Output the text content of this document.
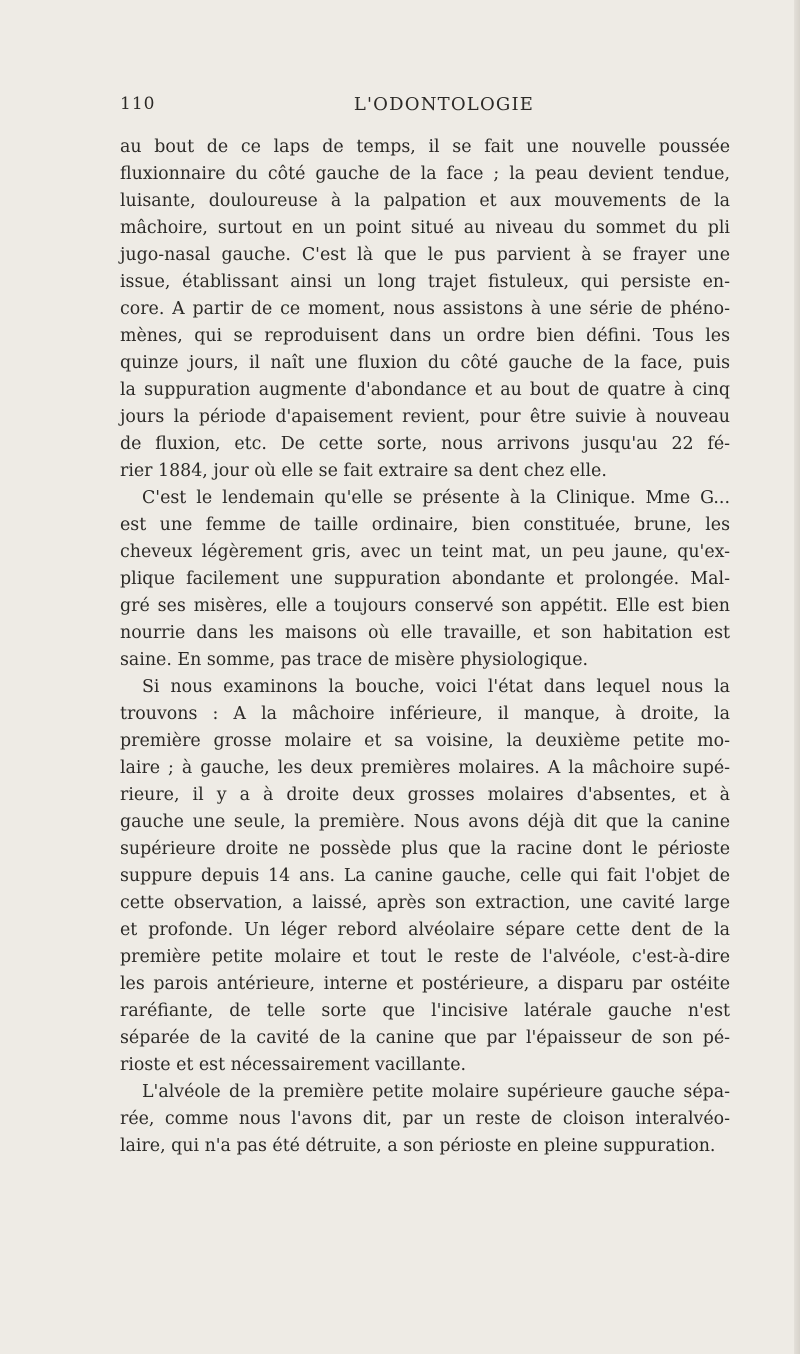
110	L'ODONTOLOGIE
au bout de ce laps de temps, il se fait une nouvelle poussée
fluxionnaire du côté gauche de la face ; la peau devient tendue,
luisante, douloureuse à la palpation et aux mouvements de la
mâchoire, surtout en un point situé au niveau du sommet du pli
jugo-nasal gauche. C'est là que le pus parvient à se frayer une
issue, établissant ainsi un long trajet fistuleux, qui persiste en-
core. A partir de ce moment, nous assistons à une série de phéno-
mènes, qui se reproduisent dans un ordre bien défini. Tous les
quinze jours, il naît une fluxion du côté gauche de la face, puis
la suppuration augmente d'abondance et au bout de quatre à cinq
jours la période d'apaisement revient, pour être suivie à nouveau
de fluxion, etc. De cette sorte, nous arrivons jusqu'au 22 fé-
rier 1884, jour où elle se fait extraire sa dent chez elle.
C'est le lendemain qu'elle se présente à la Clinique. Mme G...
est une femme de taille ordinaire, bien constituée, brune, les
cheveux légèrement gris, avec un teint mat, un peu jaune, qu'ex-
plique facilement une suppuration abondante et prolongée. Mal-
gré ses misères, elle a toujours conservé son appétit. Elle est bien
nourrie dans les maisons où elle travaille, et son habitation est
saine. En somme, pas trace de misère physiologique.
Si nous examinons la bouche, voici l'état dans lequel nous la
trouvons : A la mâchoire inférieure, il manque, à droite, la
première grosse molaire et sa voisine, la deuxième petite mo-
laire ; à gauche, les deux premières molaires. A la mâchoire supé-
rieure, il y a à droite deux grosses molaires d'absentes, et à
gauche une seule, la première. Nous avons déjà dit que la canine
supérieure droite ne possède plus que la racine dont le périoste
suppure depuis 14 ans. La canine gauche, celle qui fait l'objet de
cette observation, a laissé, après son extraction, une cavité large
et profonde. Un léger rebord alvéolaire sépare cette dent de la
première petite molaire et tout le reste de l'alvéole, c'est-à-dire
les parois antérieure, interne et postérieure, a disparu par ostéite
raréfiante, de telle sorte que l'incisive latérale gauche n'est
séparée de la cavité de la canine que par l'épaisseur de son pé-
rioste et est nécessairement vacillante.
L'alvéole de la première petite molaire supérieure gauche sépa-
rée, comme nous l'avons dit, par un reste de cloison interalvéo-
laire, qui n'a pas été détruite, a son périoste en pleine suppuration.
